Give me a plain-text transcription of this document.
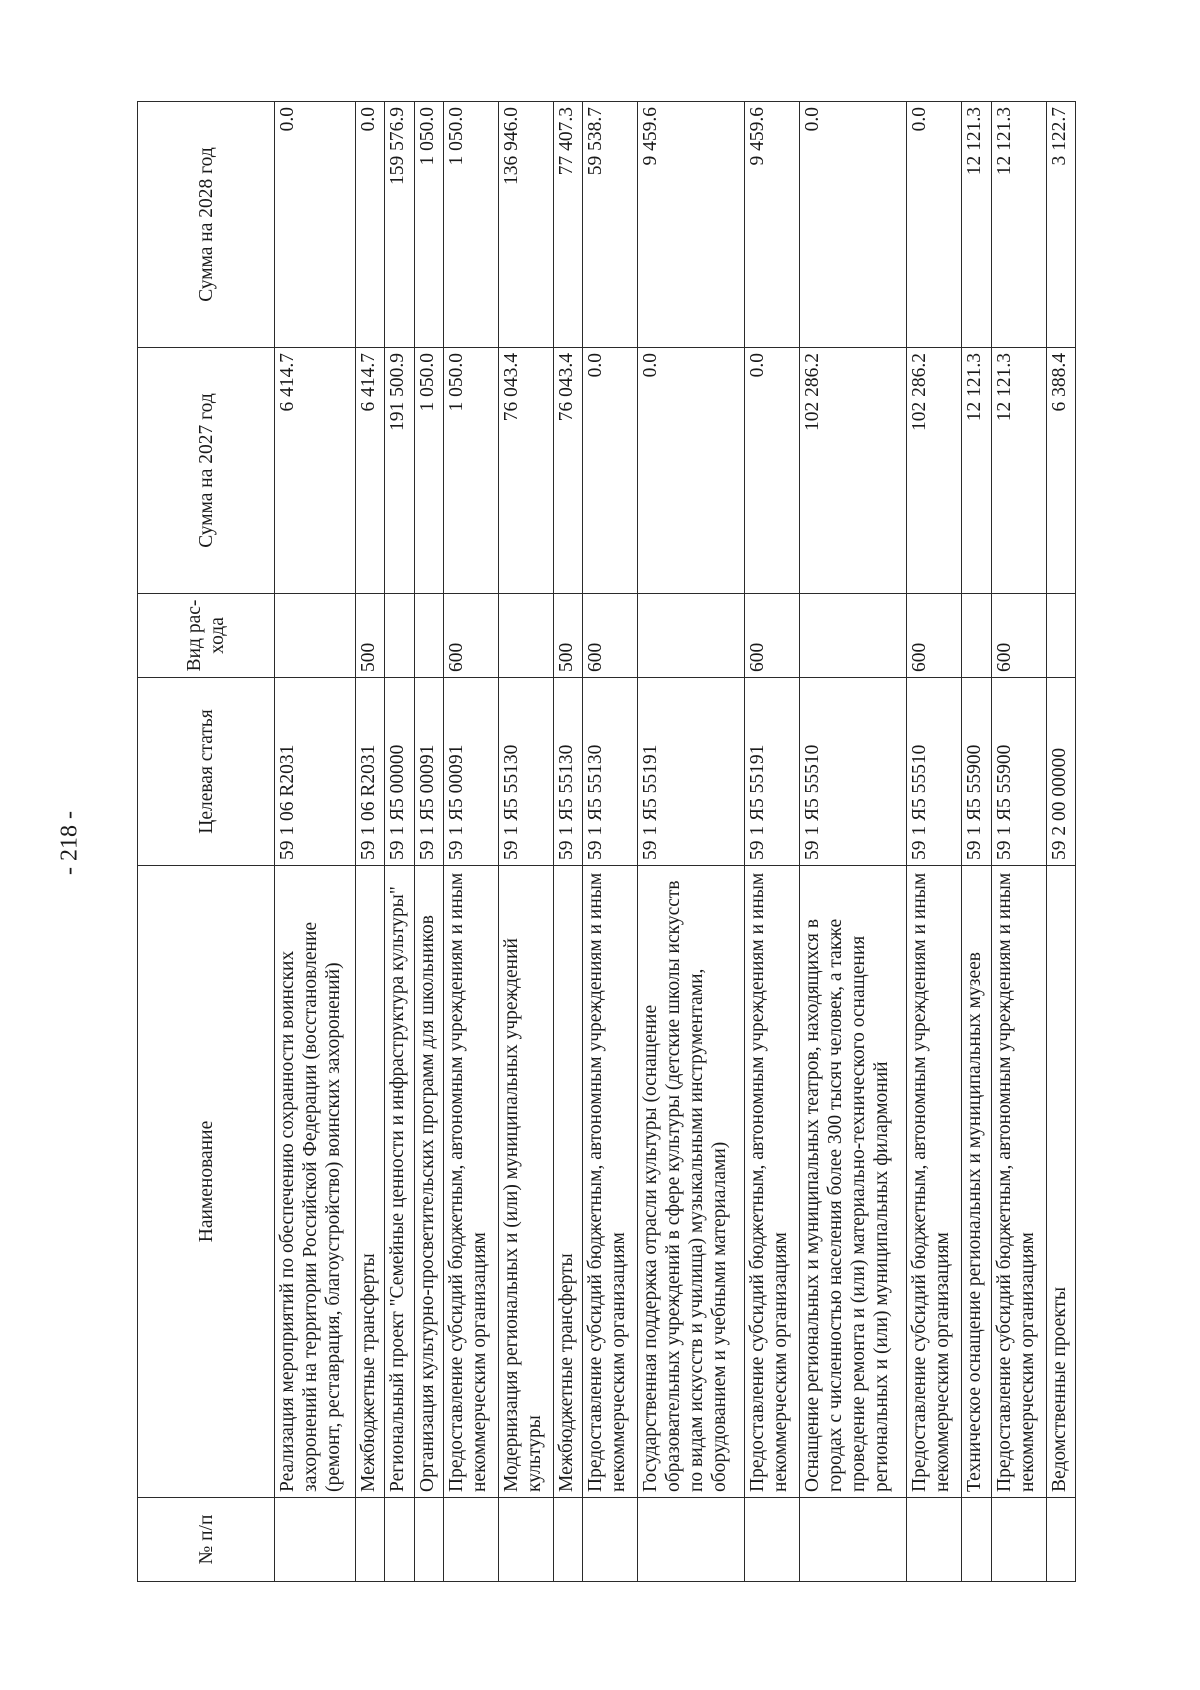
- 218 -
№ п/п	Наименование	Целевая статья	Вид рас-хода	Сумма на 2027 год	Сумма на 2028 год
	Реализация мероприятий по обеспечению сохранности воинских захоронений на территории Российской Федерации (восстановление (ремонт, реставрация, благоустройство) воинских захоронений)	59 1 06 R2031		6 414.7	0.0
	Межбюджетные трансферты	59 1 06 R2031	500	6 414.7	0.0
	Региональный проект "Семейные ценности и инфраструктура культуры"	59 1 Я5 00000		191 500.9	159 576.9
	Организация культурно-просветительских программ для школьников	59 1 Я5 00091		1 050.0	1 050.0
	Предоставление субсидий бюджетным, автономным учреждениям и иным некоммерческим организациям	59 1 Я5 00091	600	1 050.0	1 050.0
	Модернизация региональных и (или) муниципальных учреждений культуры	59 1 Я5 55130		76 043.4	136 946.0
	Межбюджетные трансферты	59 1 Я5 55130	500	76 043.4	77 407.3
	Предоставление субсидий бюджетным, автономным учреждениям и иным некоммерческим организациям	59 1 Я5 55130	600	0.0	59 538.7
	Государственная поддержка отрасли культуры (оснащение образовательных учреждений в сфере культуры (детские школы искусств по видам искусств и училища) музыкальными инструментами, оборудованием и учебными материалами)	59 1 Я5 55191		0.0	9 459.6
	Предоставление субсидий бюджетным, автономным учреждениям и иным некоммерческим организациям	59 1 Я5 55191	600	0.0	9 459.6
	Оснащение региональных и муниципальных театров, находящихся в городах с численностью населения более 300 тысяч человек, а также проведение ремонта и (или) материально-технического оснащения региональных и (или) муниципальных филармоний	59 1 Я5 55510		102 286.2	0.0
	Предоставление субсидий бюджетным, автономным учреждениям и иным некоммерческим организациям	59 1 Я5 55510	600	102 286.2	0.0
	Техническое оснащение региональных и муниципальных музеев	59 1 Я5 55900		12 121.3	12 121.3
	Предоставление субсидий бюджетным, автономным учреждениям и иным некоммерческим организациям	59 1 Я5 55900	600	12 121.3	12 121.3
	Ведомственные проекты	59 2 00 00000		6 388.4	3 122.7
